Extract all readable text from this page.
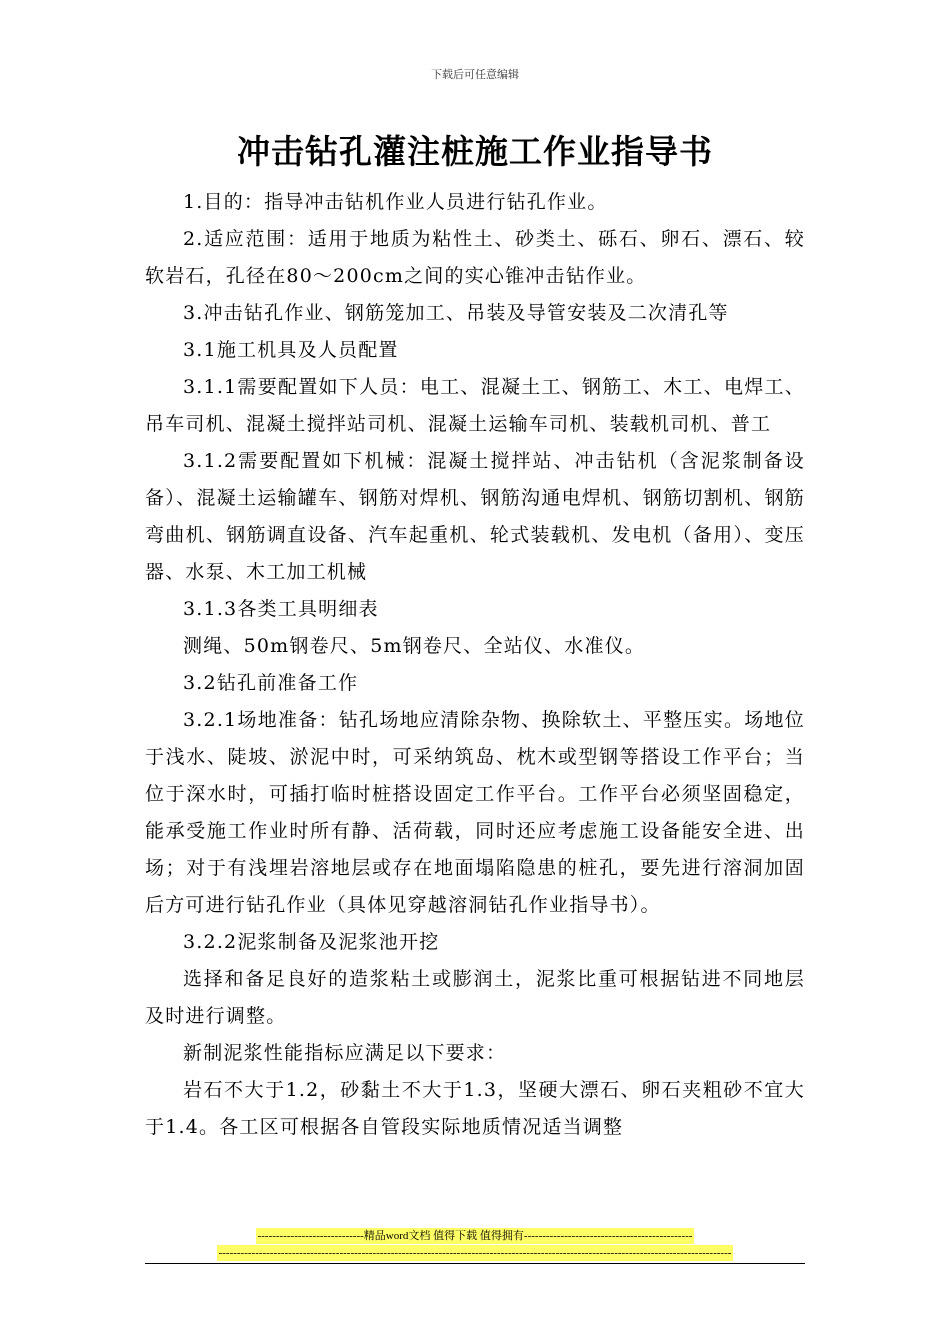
下载后可任意编辑
冲击钻孔灌注桩施工作业指导书

1.目的：指导冲击钻机作业人员进行钻孔作业。

2.适应范围：适用于地质为粘性土、砂类土、砾石、卵石、漂石、较软岩石，孔径在80～200cm之间的实心锥冲击钻作业。

3.冲击钻孔作业、钢筋笼加工、吊装及导管安装及二次清孔等

3.1施工机具及人员配置

3.1.1需要配置如下人员：电工、混凝土工、钢筋工、木工、电焊工、吊车司机、混凝土搅拌站司机、混凝土运输车司机、装载机司机、普工

3.1.2需要配置如下机械：混凝土搅拌站、冲击钻机（含泥浆制备设备）、混凝土运输罐车、钢筋对焊机、钢筋沟通电焊机、钢筋切割机、钢筋弯曲机、钢筋调直设备、汽车起重机、轮式装载机、发电机（备用）、变压器、水泵、木工加工机械

3.1.3各类工具明细表

测绳、50m钢卷尺、5m钢卷尺、全站仪、水准仪。

3.2钻孔前准备工作

3.2.1场地准备：钻孔场地应清除杂物、换除软土、平整压实。场地位于浅水、陡坡、淤泥中时，可采纳筑岛、枕木或型钢等搭设工作平台；当位于深水时，可插打临时桩搭设固定工作平台。工作平台必须坚固稳定，能承受施工作业时所有静、活荷载，同时还应考虑施工设备能安全进、出场；对于有浅埋岩溶地层或存在地面塌陷隐患的桩孔，要先进行溶洞加固后方可进行钻孔作业（具体见穿越溶洞钻孔作业指导书）。

3.2.2泥浆制备及泥浆池开挖

选择和备足良好的造浆粘土或膨润土，泥浆比重可根据钻进不同地层及时进行调整。

新制泥浆性能指标应满足以下要求：

岩石不大于1.2，砂黏土不大于1.3，坚硬大漂石、卵石夹粗砂不宜大于1.4。各工区可根据各自管段实际地质情况适当调整

-----------------------------精品word文档 值得下载 值得拥有----------------------------------------------
--------------------------------------------------------------------------------------------------------------------------------------------
